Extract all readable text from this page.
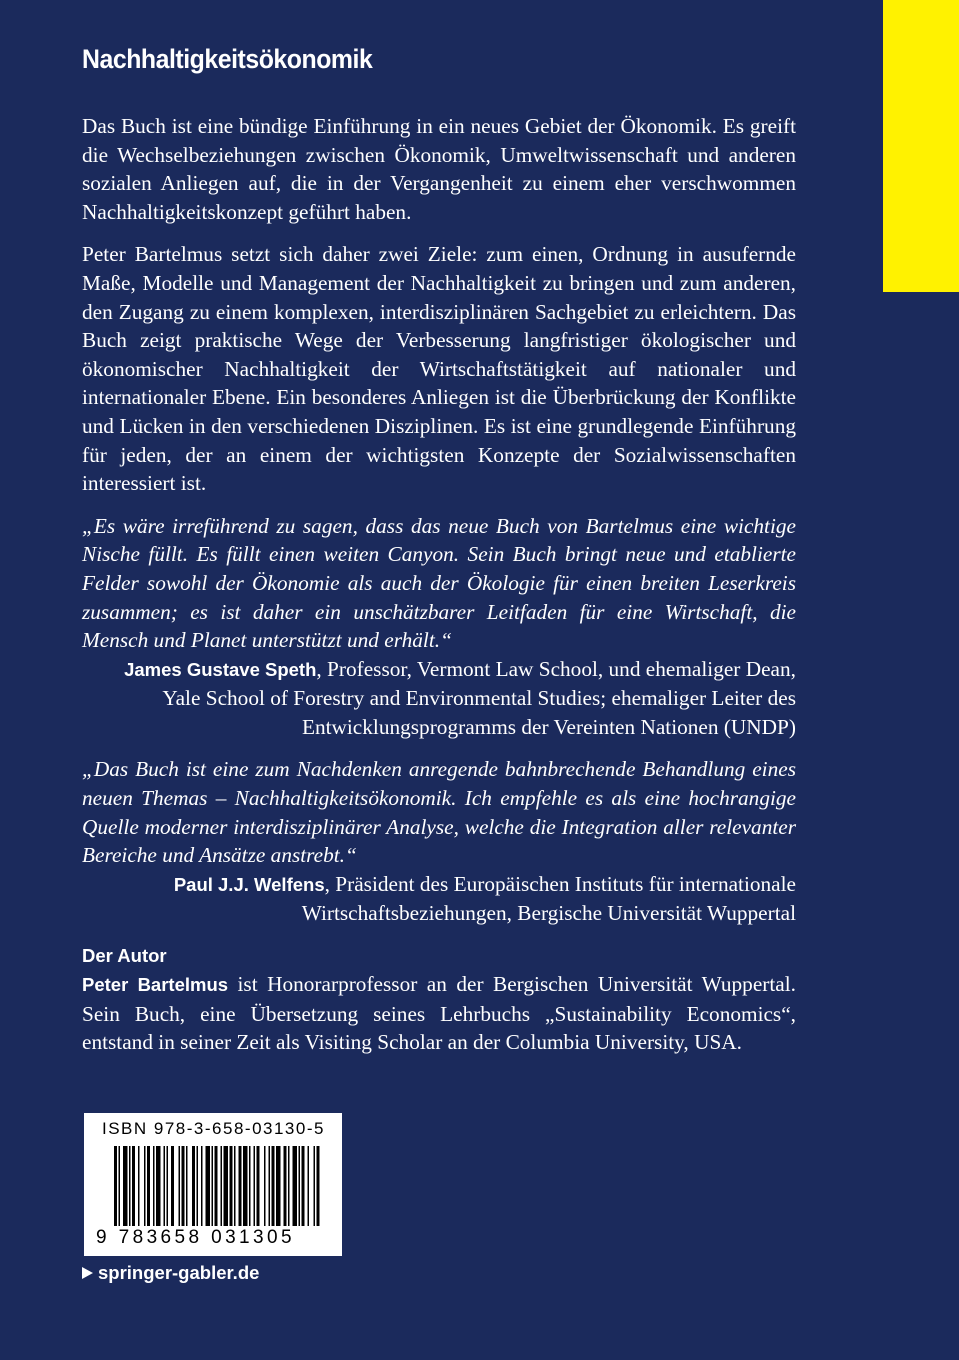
Nachhaltigkeitsökonomik

Das Buch ist eine bündige Einführung in ein neues Gebiet der Ökonomik. Es greift die Wechselbeziehungen zwischen Ökonomik, Umweltwissenschaft und anderen sozialen Anliegen auf, die in der Vergangenheit zu einem eher verschwommen Nachhaltigkeitskonzept geführt haben.

Peter Bartelmus setzt sich daher zwei Ziele: zum einen, Ordnung in ausufernde Maße, Modelle und Management der Nachhaltigkeit zu bringen und zum anderen, den Zugang zu einem komplexen, interdisziplinären Sachgebiet zu erleichtern. Das Buch zeigt praktische Wege der Verbesserung langfristiger ökologischer und ökonomischer Nachhaltigkeit der Wirtschaftstätigkeit auf nationaler und internationaler Ebene. Ein besonderes Anliegen ist die Überbrückung der Konflikte und Lücken in den verschiedenen Disziplinen. Es ist eine grundlegende Einführung für jeden, der an einem der wichtigsten Konzepte der Sozialwissenschaften interessiert ist.

„Es wäre irreführend zu sagen, dass das neue Buch von Bartelmus eine wichtige Nische füllt. Es füllt einen weiten Canyon. Sein Buch bringt neue und etablierte Felder sowohl der Ökonomie als auch der Ökologie für einen breiten Leserkreis zusammen; es ist daher ein unschätzbarer Leitfaden für eine Wirtschaft, die Mensch und Planet unterstützt und erhält.“

James Gustave Speth, Professor, Vermont Law School, und ehemaliger Dean,
Yale School of Forestry and Environmental Studies; ehemaliger Leiter des
Entwicklungsprogramms der Vereinten Nationen (UNDP)

„Das Buch ist eine zum Nachdenken anregende bahnbrechende Behandlung eines neuen Themas – Nachhaltigkeitsökonomik. Ich empfehle es als eine hochrangige Quelle moderner interdisziplinärer Analyse, welche die Integration aller relevanter Bereiche und Ansätze anstrebt.“

Paul J.J. Welfens, Präsident des Europäischen Instituts für internationale
Wirtschaftsbeziehungen, Bergische Universität Wuppertal
Der Autor

Peter Bartelmus ist Honorarprofessor an der Bergischen Universität Wuppertal. Sein Buch, eine Übersetzung seines Lehrbuchs „Sustainability Economics“, entstand in seiner Zeit als Visiting Scholar an der Columbia University, USA.

ISBN 978-3-658-03130-5
9 783658 031305
springer-gabler.de
